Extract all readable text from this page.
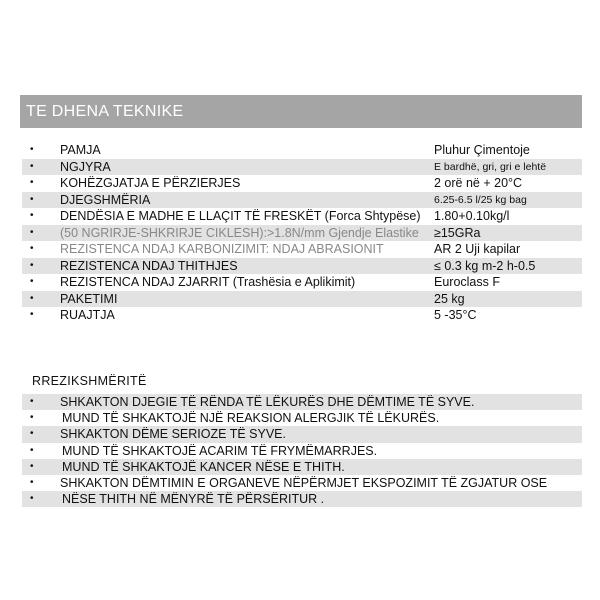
TE DHENA TEKNIKE
• PAMJA	Pluhur Çimentoje
• NGJYRA	E bardhë, gri, gri e lehtë
• KOHËZGJATJA E PËRZIERJES	2 orë në + 20°C
• DJEGSHMËRIA	6.25-6.5 l/25 kg bag
• DENDËSIA E MADHE E LLAÇIT TË FRESKËT (Forca Shtypëse) 1.80+0.10kg/l
• (50 NGRIRJE-SHKRIRJE CIKLESH):>1.8N/mm Gjendje Elastike ≥15GRa
• REZISTENCA NDAJ KARBONIZIMIT: NDAJ ABRASIONIT	AR 2 Uji kapilar
• REZISTENCA NDAJ THITHJES	≤ 0.3 kg m-2 h-0.5
• REZISTENCA NDAJ ZJARRIT (Trashësia e Aplikimit)	Euroclass F
• PAKETIMI	25 kg
• RUAJTJA	5 -35°C
RREZIKSHMËRITË
• SHKAKTON DJEGIE TË RËNDA TË LËKURËS DHE DËMTIME TË SYVE.
• MUND TË SHKAKTOJË NJË REAKSION ALERGJIK TË LËKURËS.
• SHKAKTON DËME SERIOZE TË SYVE.
• MUND TË SHKAKTOJË ACARIM TË FRYMËMARRJES.
• MUND TË SHKAKTOJË KANCER NËSE E THITH.
• SHKAKTON DËMTIMIN E ORGANEVE NËPËRMJET EKSPOZIMIT TË ZGJATUR OSE
• NËSE THITH NË MËNYRË TË PËRSËRITUR .
